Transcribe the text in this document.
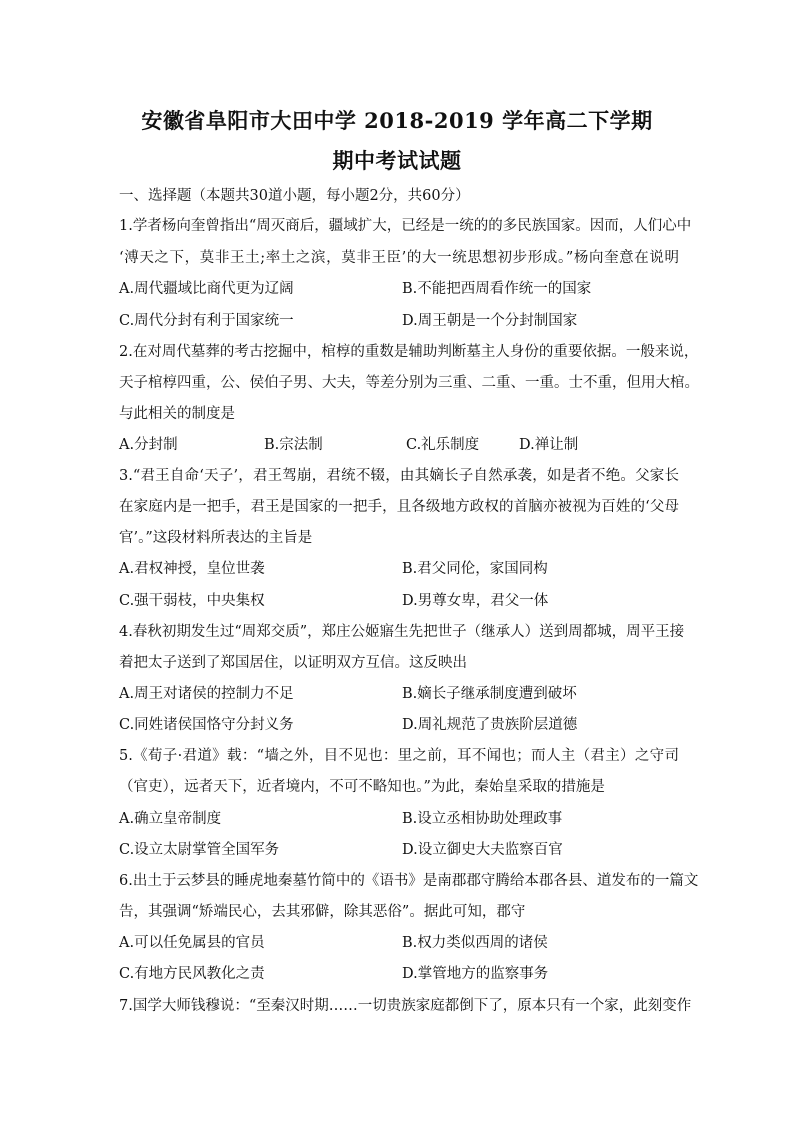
安徽省阜阳市大田中学 2018-2019 学年高二下学期
期中考试试题
一、选择题（本题共30道小题，每小题2分，共60分）
1.学者杨向奎曾指出“周灭商后，疆域扩大，已经是一统的的多民族国家。因而，人们心中
‘溥天之下，莫非王土;率土之滨，莫非王臣’的大一统思想初步形成。”杨向奎意在说明
A.周代疆域比商代更为辽阔	B.不能把西周看作统一的国家
C.周代分封有利于国家统一	D.周王朝是一个分封制国家
2.在对周代墓葬的考古挖掘中，棺椁的重数是辅助判断墓主人身份的重要依据。一般来说，
天子棺椁四重，公、侯伯子男、大夫，等差分别为三重、二重、一重。士不重，但用大棺。
与此相关的制度是
A.分封制	B.宗法制	C.礼乐制度	D.禅让制
3.“君王自命‘天子’，君王驾崩，君统不辍，由其嫡长子自然承袭，如是者不绝。父家长
在家庭内是一把手，君王是国家的一把手，且各级地方政权的首脑亦被视为百姓的‘父母
官’。”这段材料所表达的主旨是
A.君权神授，皇位世袭	B.君父同伦，家国同构
C.强干弱枝，中央集权	D.男尊女卑，君父一体
4.春秋初期发生过“周郑交质”，郑庄公姬寤生先把世子（继承人）送到周都城，周平王接
着把太子送到了郑国居住，以证明双方互信。这反映出
A.周王对诸侯的控制力不足	B.嫡长子继承制度遭到破坏
C.同姓诸侯国恪守分封义务	D.周礼规范了贵族阶层道德
5.《荀子·君道》载：“墙之外，目不见也：里之前，耳不闻也；而人主（君主）之守司
（官吏），远者天下，近者境内，不可不略知也。”为此，秦始皇采取的措施是
A.确立皇帝制度	B.设立丞相协助处理政事
C.设立太尉掌管全国军务	D.设立御史大夫监察百官
6.出土于云梦县的睡虎地秦墓竹简中的《语书》是南郡郡守腾给本郡各县、道发布的一篇文
告，其强调“矫端民心，去其邪僻，除其恶俗”。据此可知，郡守
A.可以任免属县的官员	B.权力类似西周的诸侯
C.有地方民风教化之责	D.掌管地方的监察事务
7.国学大师钱穆说：“至秦汉时期……一切贵族家庭都倒下了，原本只有一个家，此刻变作
